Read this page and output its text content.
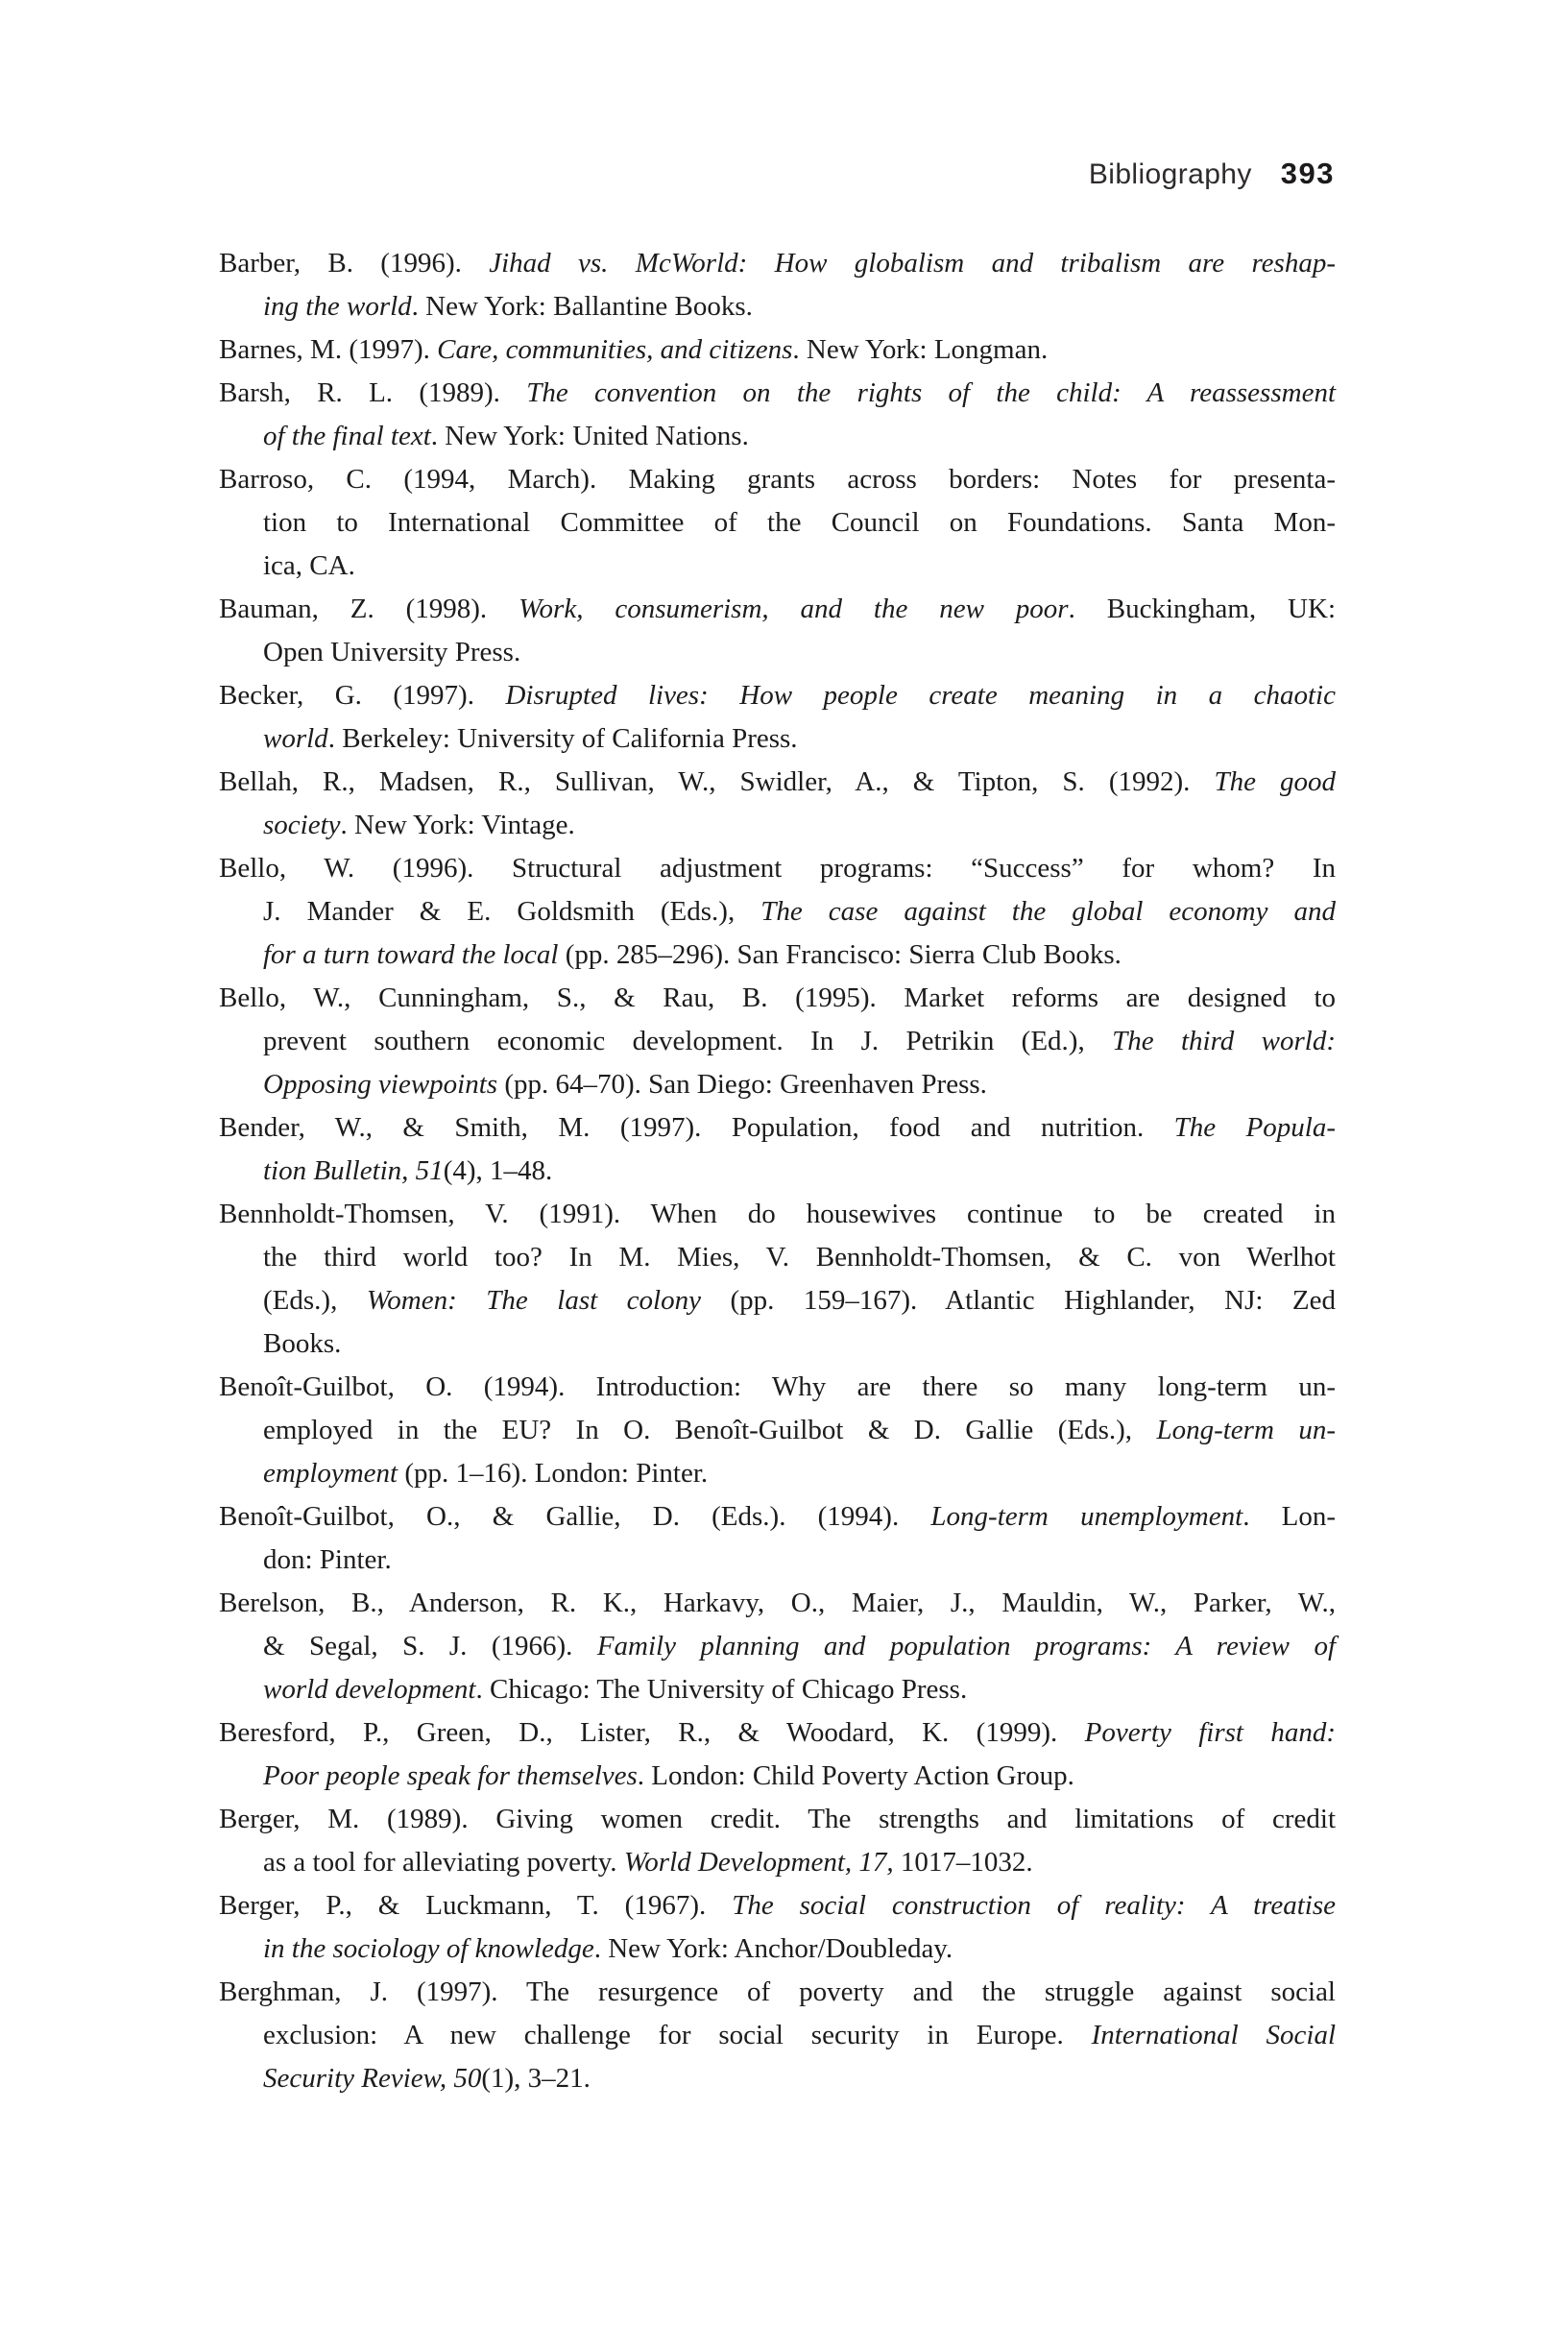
Bibliography 393
Barber, B. (1996). Jihad vs. McWorld: How globalism and tribalism are reshap-
ing the world. New York: Ballantine Books.
Barnes, M. (1997). Care, communities, and citizens. New York: Longman.
Barsh, R. L. (1989). The convention on the rights of the child: A reassessment
of the final text. New York: United Nations.
Barroso, C. (1994, March). Making grants across borders: Notes for presenta-
tion to International Committee of the Council on Foundations. Santa Mon-
ica, CA.
Bauman, Z. (1998). Work, consumerism, and the new poor. Buckingham, UK:
Open University Press.
Becker, G. (1997). Disrupted lives: How people create meaning in a chaotic
world. Berkeley: University of California Press.
Bellah, R., Madsen, R., Sullivan, W., Swidler, A., & Tipton, S. (1992). The good
society. New York: Vintage.
Bello, W. (1996). Structural adjustment programs: “Success” for whom? In
J. Mander & E. Goldsmith (Eds.), The case against the global economy and
for a turn toward the local (pp. 285–296). San Francisco: Sierra Club Books.
Bello, W., Cunningham, S., & Rau, B. (1995). Market reforms are designed to
prevent southern economic development. In J. Petrikin (Ed.), The third world:
Opposing viewpoints (pp. 64–70). San Diego: Greenhaven Press.
Bender, W., & Smith, M. (1997). Population, food and nutrition. The Popula-
tion Bulletin, 51(4), 1–48.
Bennholdt-Thomsen, V. (1991). When do housewives continue to be created in
the third world too? In M. Mies, V. Bennholdt-Thomsen, & C. von Werlhot
(Eds.), Women: The last colony (pp. 159–167). Atlantic Highlander, NJ: Zed
Books.
Benoît-Guilbot, O. (1994). Introduction: Why are there so many long-term un-
employed in the EU? In O. Benoît-Guilbot & D. Gallie (Eds.), Long-term un-
employment (pp. 1–16). London: Pinter.
Benoît-Guilbot, O., & Gallie, D. (Eds.). (1994). Long-term unemployment. Lon-
don: Pinter.
Berelson, B., Anderson, R. K., Harkavy, O., Maier, J., Mauldin, W., Parker, W.,
& Segal, S. J. (1966). Family planning and population programs: A review of
world development. Chicago: The University of Chicago Press.
Beresford, P., Green, D., Lister, R., & Woodard, K. (1999). Poverty first hand:
Poor people speak for themselves. London: Child Poverty Action Group.
Berger, M. (1989). Giving women credit. The strengths and limitations of credit
as a tool for alleviating poverty. World Development, 17, 1017–1032.
Berger, P., & Luckmann, T. (1967). The social construction of reality: A treatise
in the sociology of knowledge. New York: Anchor/Doubleday.
Berghman, J. (1997). The resurgence of poverty and the struggle against social
exclusion: A new challenge for social security in Europe. International Social
Security Review, 50(1), 3–21.
